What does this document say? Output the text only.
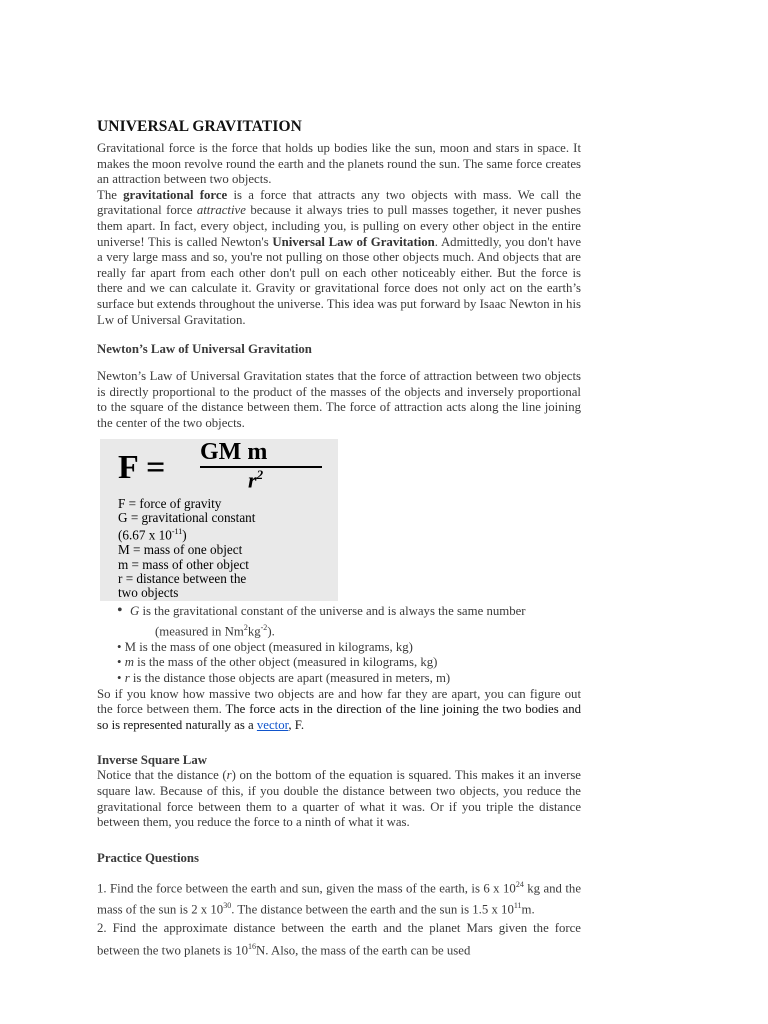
UNIVERSAL GRAVITATION

Gravitational force is the force that holds up bodies like the sun, moon and stars in space. It makes the moon revolve round the earth and the planets round the sun. The same force creates an attraction between two objects.

The gravitational force is a force that attracts any two objects with mass. We call the gravitational force attractive because it always tries to pull masses together, it never pushes them apart. In fact, every object, including you, is pulling on every other object in the entire universe! This is called Newton's Universal Law of Gravitation. Admittedly, you don't have a very large mass and so, you're not pulling on those other objects much. And objects that are really far apart from each other don't pull on each other noticeably either. But the force is there and we can calculate it. Gravity or gravitational force does not only act on the earth’s surface but extends throughout the universe. This idea was put forward by Isaac Newton in his Lw of Universal Gravitation.

Newton’s Law of Universal Gravitation

Newton’s Law of Universal Gravitation states that the force of attraction between two objects is directly proportional to the product of the masses of the objects and inversely proportional to the square of the distance between them. The force of attraction acts along the line joining the center of the two objects.

F = GM m
$r^2$
F = force of gravity
G = gravitational constant
(6.67 x $10^{-11}$)
M = mass of one object
m = mass of other object
r = distance between the
two objects
• G is the gravitational constant of the universe and is always the same number
(measured in $Nm^2kg^{-2}$).
• M is the mass of one object (measured in kilograms, kg)
• m is the mass of the other object (measured in kilograms, kg)
• r is the distance those objects are apart (measured in meters, m)

So if you know how massive two objects are and how far they are apart, you can figure out the force between them. The force acts in the direction of the line joining the two bodies and so is represented naturally as a vector, F.

Inverse Square Law

Notice that the distance (r) on the bottom of the equation is squared. This makes it an inverse square law. Because of this, if you double the distance between two objects, you reduce the gravitational force between them to a quarter of what it was. Or if you triple the distance between them, you reduce the force to a ninth of what it was.

Practice Questions

1. Find the force between the earth and sun, given the mass of the earth, is 6 x $10^{24}$ kg and the mass of the sun is 2 x $10^{30}$. The distance between the earth and the sun is 1.5 x $10^{11}m$.

2. Find the approximate distance between the earth and the planet Mars given the force between the two planets is $10^{16}N$. Also, the mass of the earth can be used
